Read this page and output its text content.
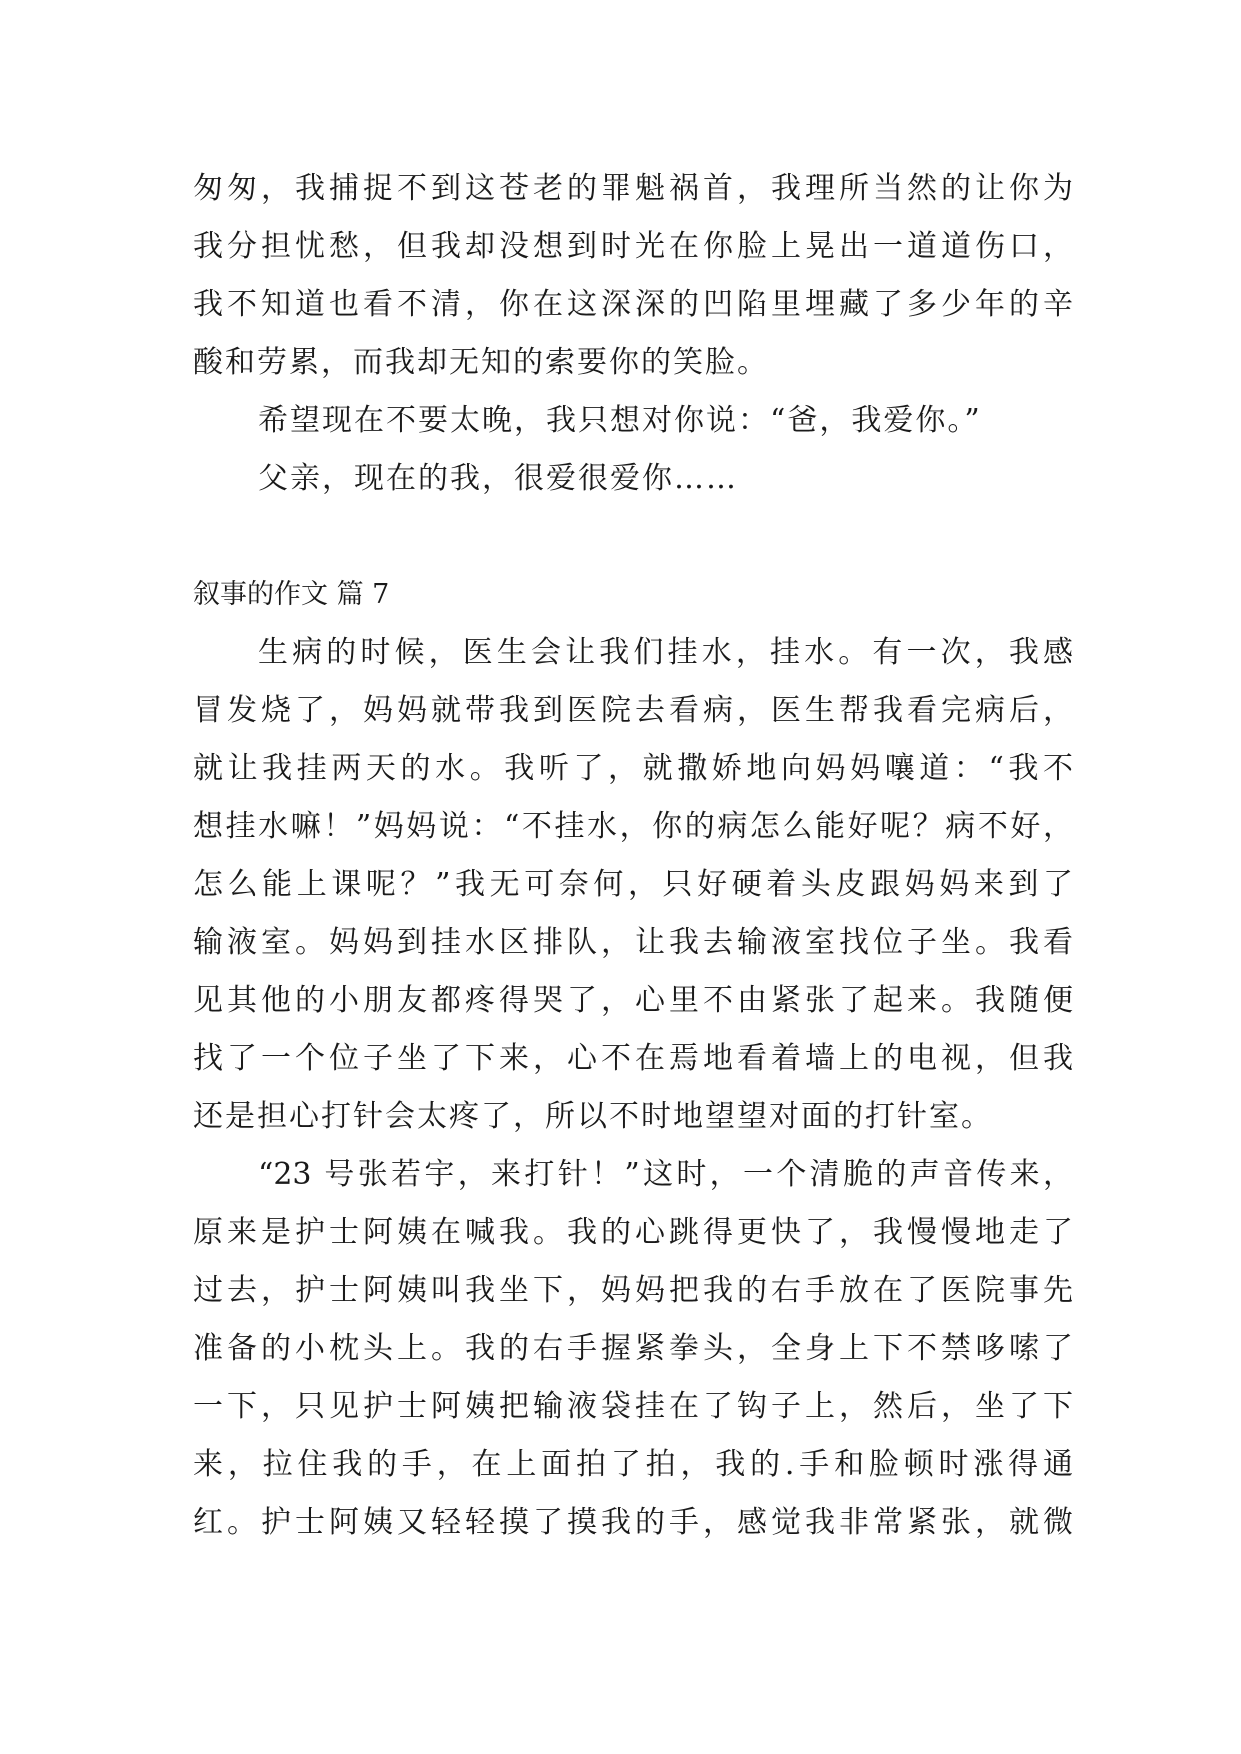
匆匆，我捕捉不到这苍老的罪魁祸首，我理所当然的让你为
我分担忧愁，但我却没想到时光在你脸上晃出一道道伤口，
我不知道也看不清，你在这深深的凹陷里埋藏了多少年的辛
酸和劳累，而我却无知的索要你的笑脸。
希望现在不要太晚，我只想对你说：“爸，我爱你。”
父亲，现在的我，很爱很爱你……
叙事的作文 篇 7
生病的时候，医生会让我们挂水，挂水。有一次，我感
冒发烧了，妈妈就带我到医院去看病，医生帮我看完病后，
就让我挂两天的水。我听了，就撒娇地向妈妈嚷道：“我不
想挂水嘛！”妈妈说：“不挂水，你的病怎么能好呢？病不好，
怎么能上课呢？”我无可奈何，只好硬着头皮跟妈妈来到了
输液室。妈妈到挂水区排队，让我去输液室找位子坐。我看
见其他的小朋友都疼得哭了，心里不由紧张了起来。我随便
找了一个位子坐了下来，心不在焉地看着墙上的电视，但我
还是担心打针会太疼了，所以不时地望望对面的打针室。
“23 号张若宇，来打针！”这时，一个清脆的声音传来，
原来是护士阿姨在喊我。我的心跳得更快了，我慢慢地走了
过去，护士阿姨叫我坐下，妈妈把我的右手放在了医院事先
准备的小枕头上。我的右手握紧拳头，全身上下不禁哆嗦了
一下，只见护士阿姨把输液袋挂在了钩子上，然后，坐了下
来，拉住我的手，在上面拍了拍，我的.手和脸顿时涨得通
红。护士阿姨又轻轻摸了摸我的手，感觉我非常紧张，就微
